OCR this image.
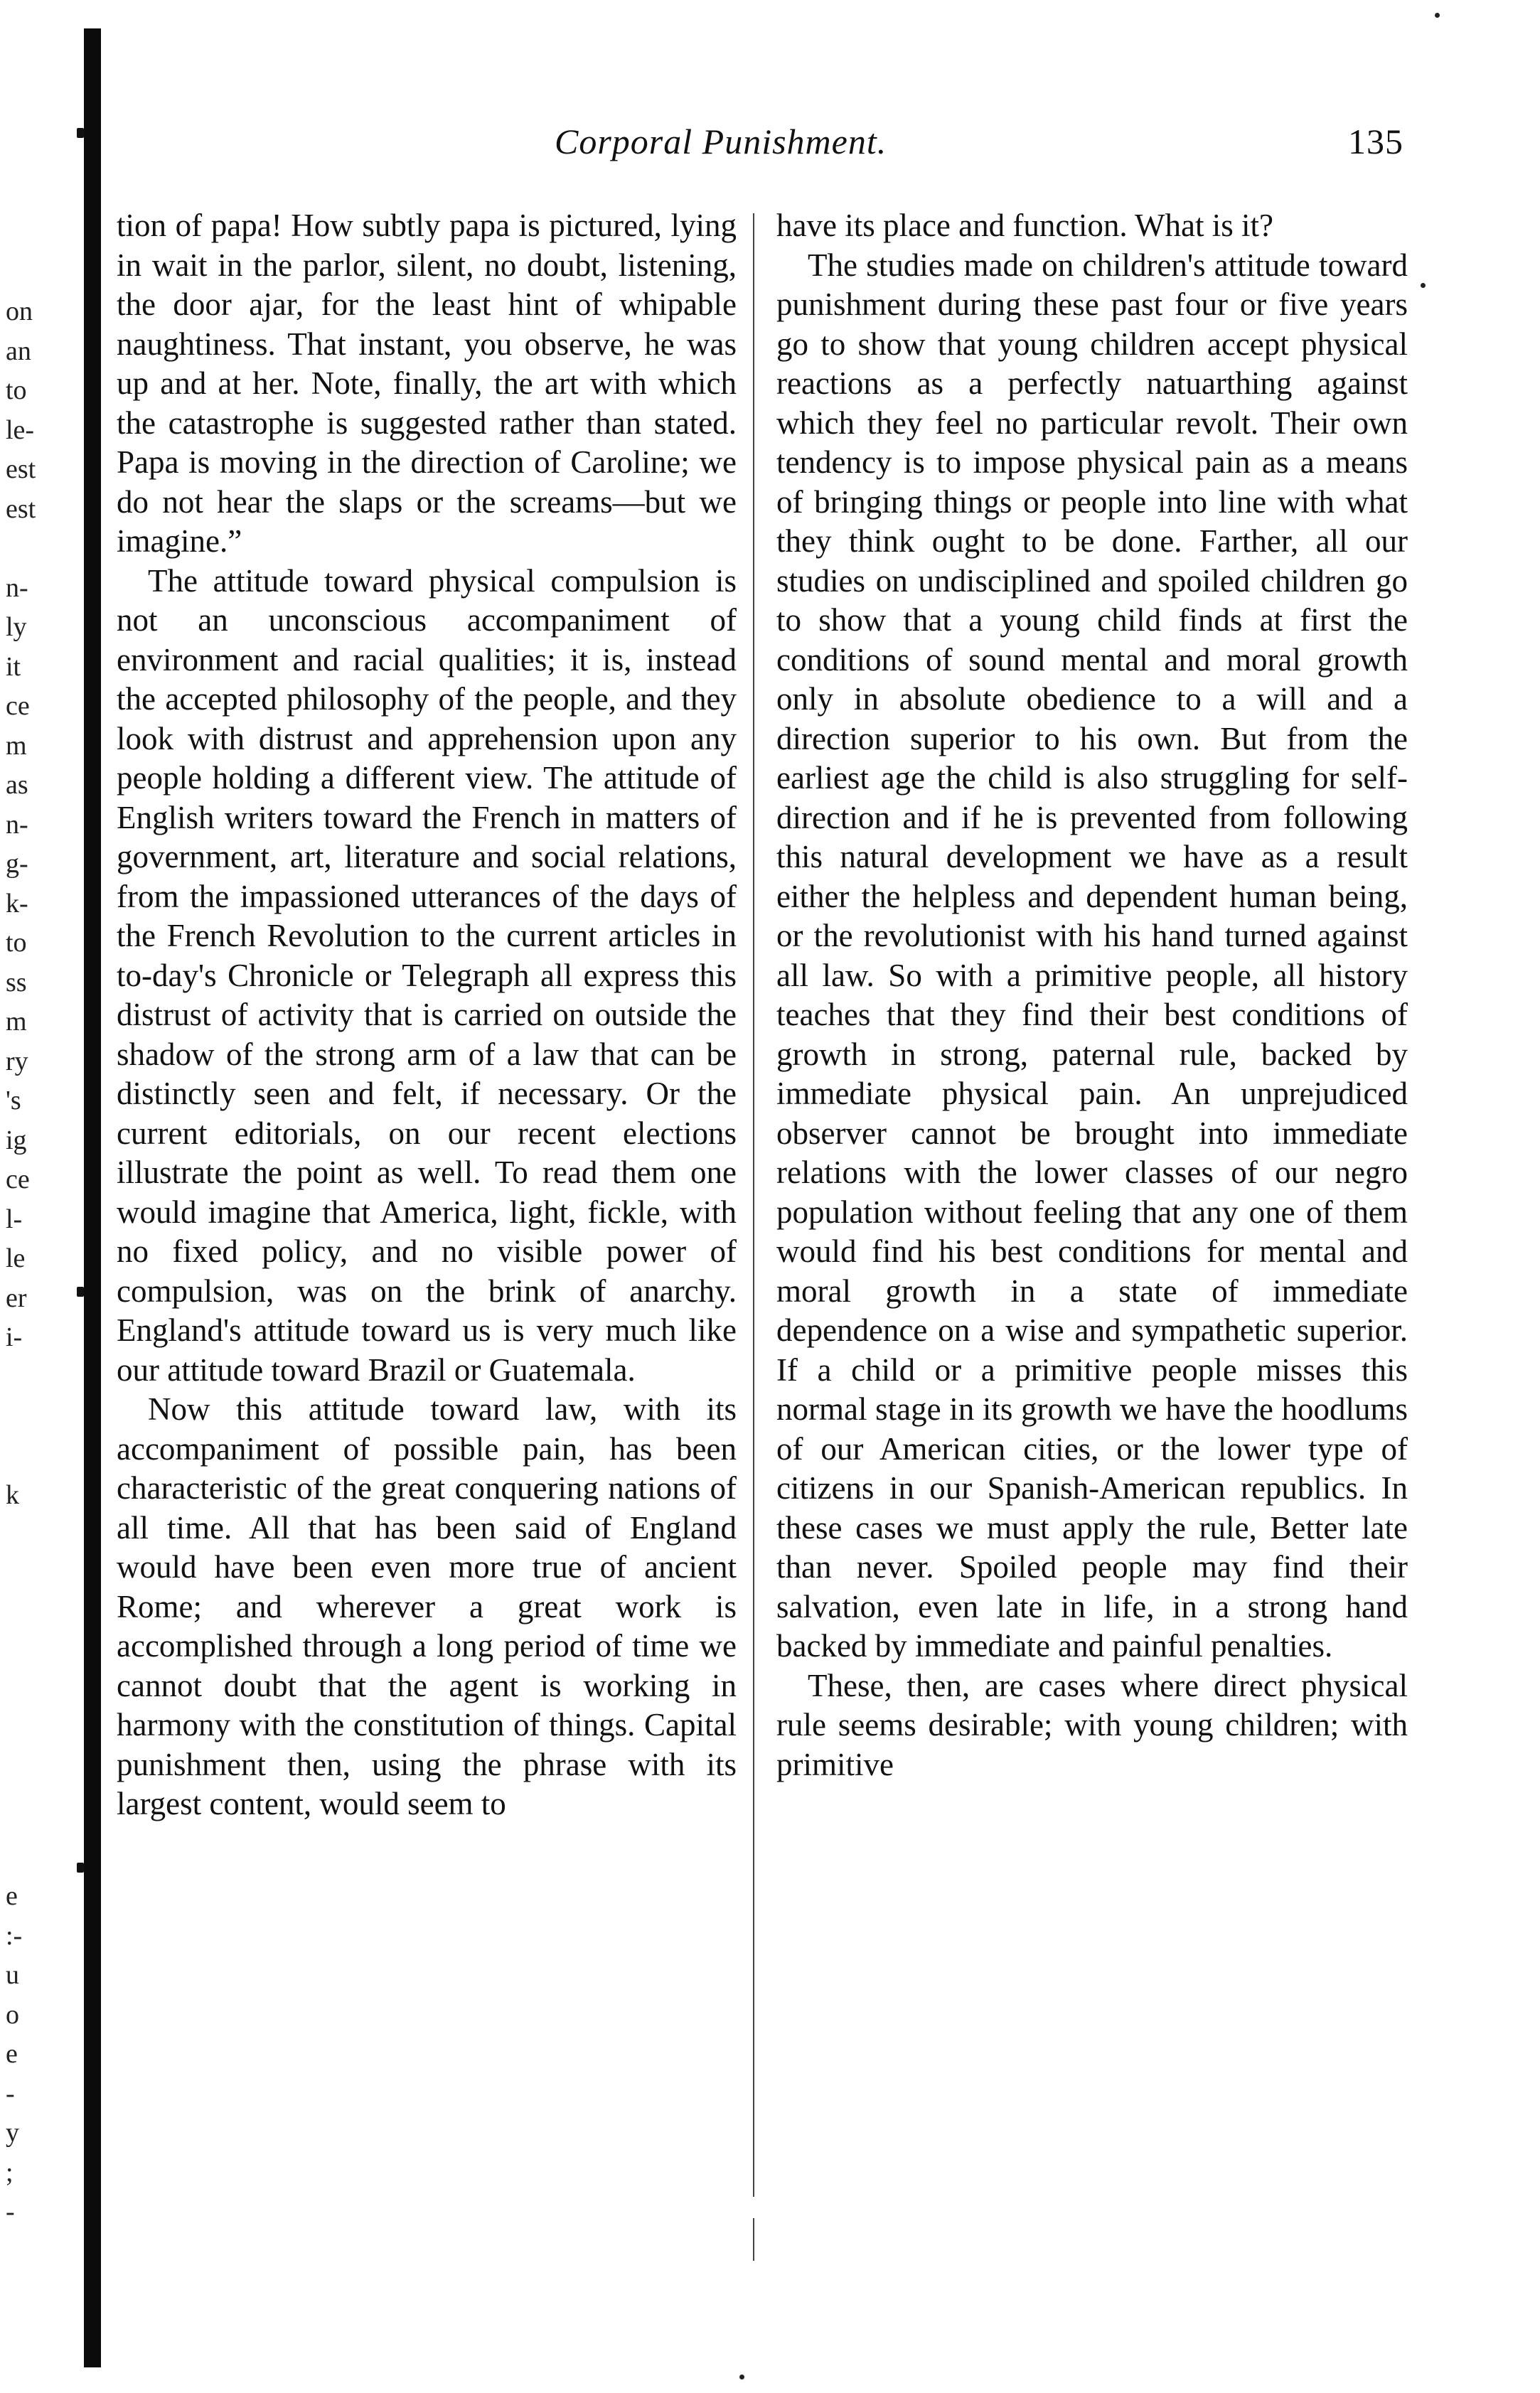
on
an
to
le-
est
est
n-
ly
it
ce
m
as
n-
g-
k-
to
ss
m
ry
's
ig
ce
l-
le
er
i-
k

e
:-
u
o
e
-
y
;
-

Corporal Punishment.	135

tion of papa! How subtly papa is pictured, lying in wait in the parlor, silent, no doubt, listening, the door ajar, for the least hint of whipable naughtiness. That instant, you observe, he was up and at her. Note, finally, the art with which the catastrophe is suggested rather than stated. Papa is moving in the direction of Caroline; we do not hear the slaps or the screams—but we imagine.”

The attitude toward physical compulsion is not an unconscious accompaniment of environment and racial qualities; it is, instead the accepted philosophy of the people, and they look with distrust and apprehension upon any people holding a different view. The attitude of English writers toward the French in matters of government, art, literature and social relations, from the impassioned utterances of the days of the French Revolution to the current articles in to-day's Chronicle or Telegraph all express this distrust of activity that is carried on outside the shadow of the strong arm of a law that can be distinctly seen and felt, if necessary. Or the current editorials, on our recent elections illustrate the point as well. To read them one would imagine that America, light, fickle, with no fixed policy, and no visible power of compulsion, was on the brink of anarchy. England's attitude toward us is very much like our attitude toward Brazil or Guatemala.

Now this attitude toward law, with its accompaniment of possible pain, has been characteristic of the great conquering nations of all time. All that has been said of England would have been even more true of ancient Rome; and wherever a great work is accomplished through a long period of time we cannot doubt that the agent is working in harmony with the constitution of things. Capital punishment then, using the phrase with its largest content, would seem to

have its place and function. What is it?

The studies made on children's attitude toward punishment during these past four or five years go to show that young children accept physical reactions as a perfectly natuarthing against which they feel no particular revolt. Their own tendency is to impose physical pain as a means of bringing things or people into line with what they think ought to be done. Farther, all our studies on undisciplined and spoiled children go to show that a young child finds at first the conditions of sound mental and moral growth only in absolute obedience to a will and a direction superior to his own. But from the earliest age the child is also struggling for self-direction and if he is prevented from following this natural development we have as a result either the helpless and dependent human being, or the revolutionist with his hand turned against all law. So with a primitive people, all history teaches that they find their best conditions of growth in strong, paternal rule, backed by immediate physical pain. An unprejudiced observer cannot be brought into immediate relations with the lower classes of our negro population without feeling that any one of them would find his best conditions for mental and moral growth in a state of immediate dependence on a wise and sympathetic superior. If a child or a primitive people misses this normal stage in its growth we have the hoodlums of our American cities, or the lower type of citizens in our Spanish-American republics. In these cases we must apply the rule, Better late than never. Spoiled people may find their salvation, even late in life, in a strong hand backed by immediate and painful penalties.

These, then, are cases where direct physical rule seems desirable; with young children; with primitive
